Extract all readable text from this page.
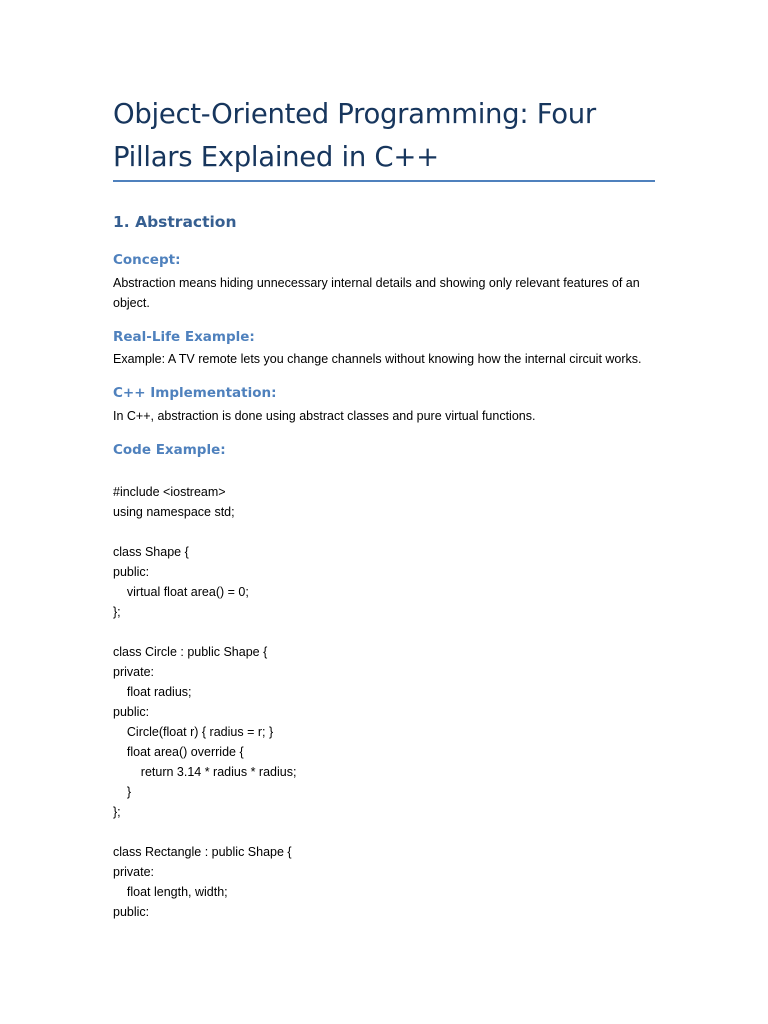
Object-Oriented Programming: Four
Pillars Explained in C++
1. Abstraction
Concept:

Abstraction means hiding unnecessary internal details and showing only relevant features of an object.

Real-Life Example:

Example: A TV remote lets you change channels without knowing how the internal circuit works.

C++ Implementation:

In C++, abstraction is done using abstract classes and pure virtual functions.

Code Example:
#include <iostream>
using namespace std;
class Shape {
public:
virtual float area() = 0;
};
class Circle : public Shape {
private:
float radius;
public:
Circle(float r) { radius = r; }
float area() override {
return 3.14 * radius * radius;
}
};
class Rectangle : public Shape {
private:
float length, width;
public:
